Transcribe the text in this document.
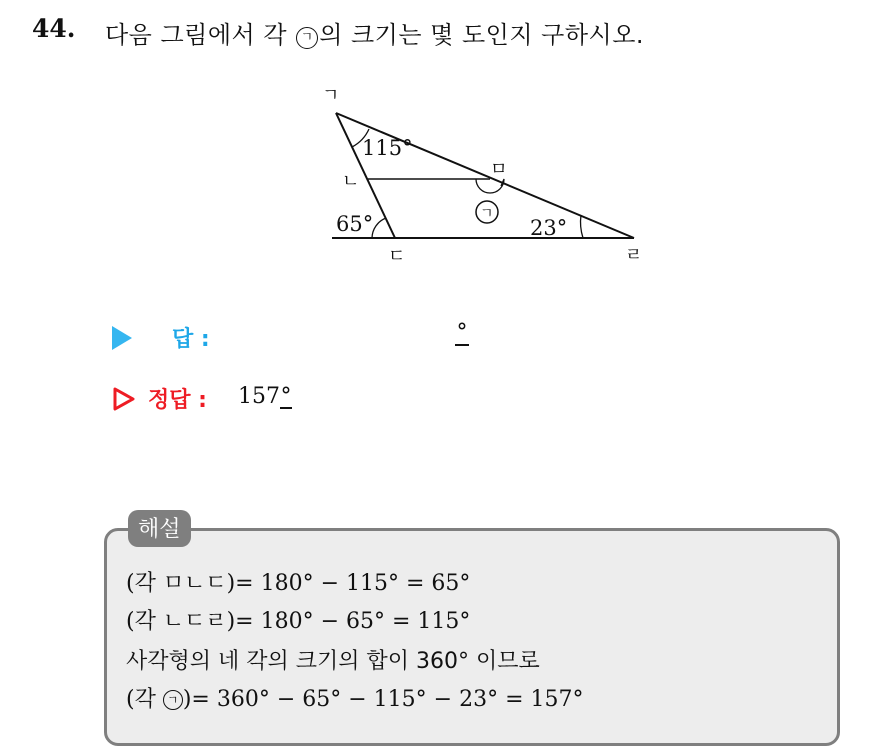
44. 다음 그림에서 각 ㄱ 의 크기는 몇 도인지 구하시오.
ㄱ
ㄴ
ㄷ	ㄹ
ㅁ
115°
65°	23°
ㄱ
답 :	°
정답 : 157°
해설
(각 ㅁㄴㄷ)= 180° − 115° = 65°
(각 ㄴㄷㄹ)= 180° − 65° = 115°
사각형의 네 각의 크기의 합이 360° 이므로
(각 ㄱ )= 360° − 65° − 115° − 23° = 157°
